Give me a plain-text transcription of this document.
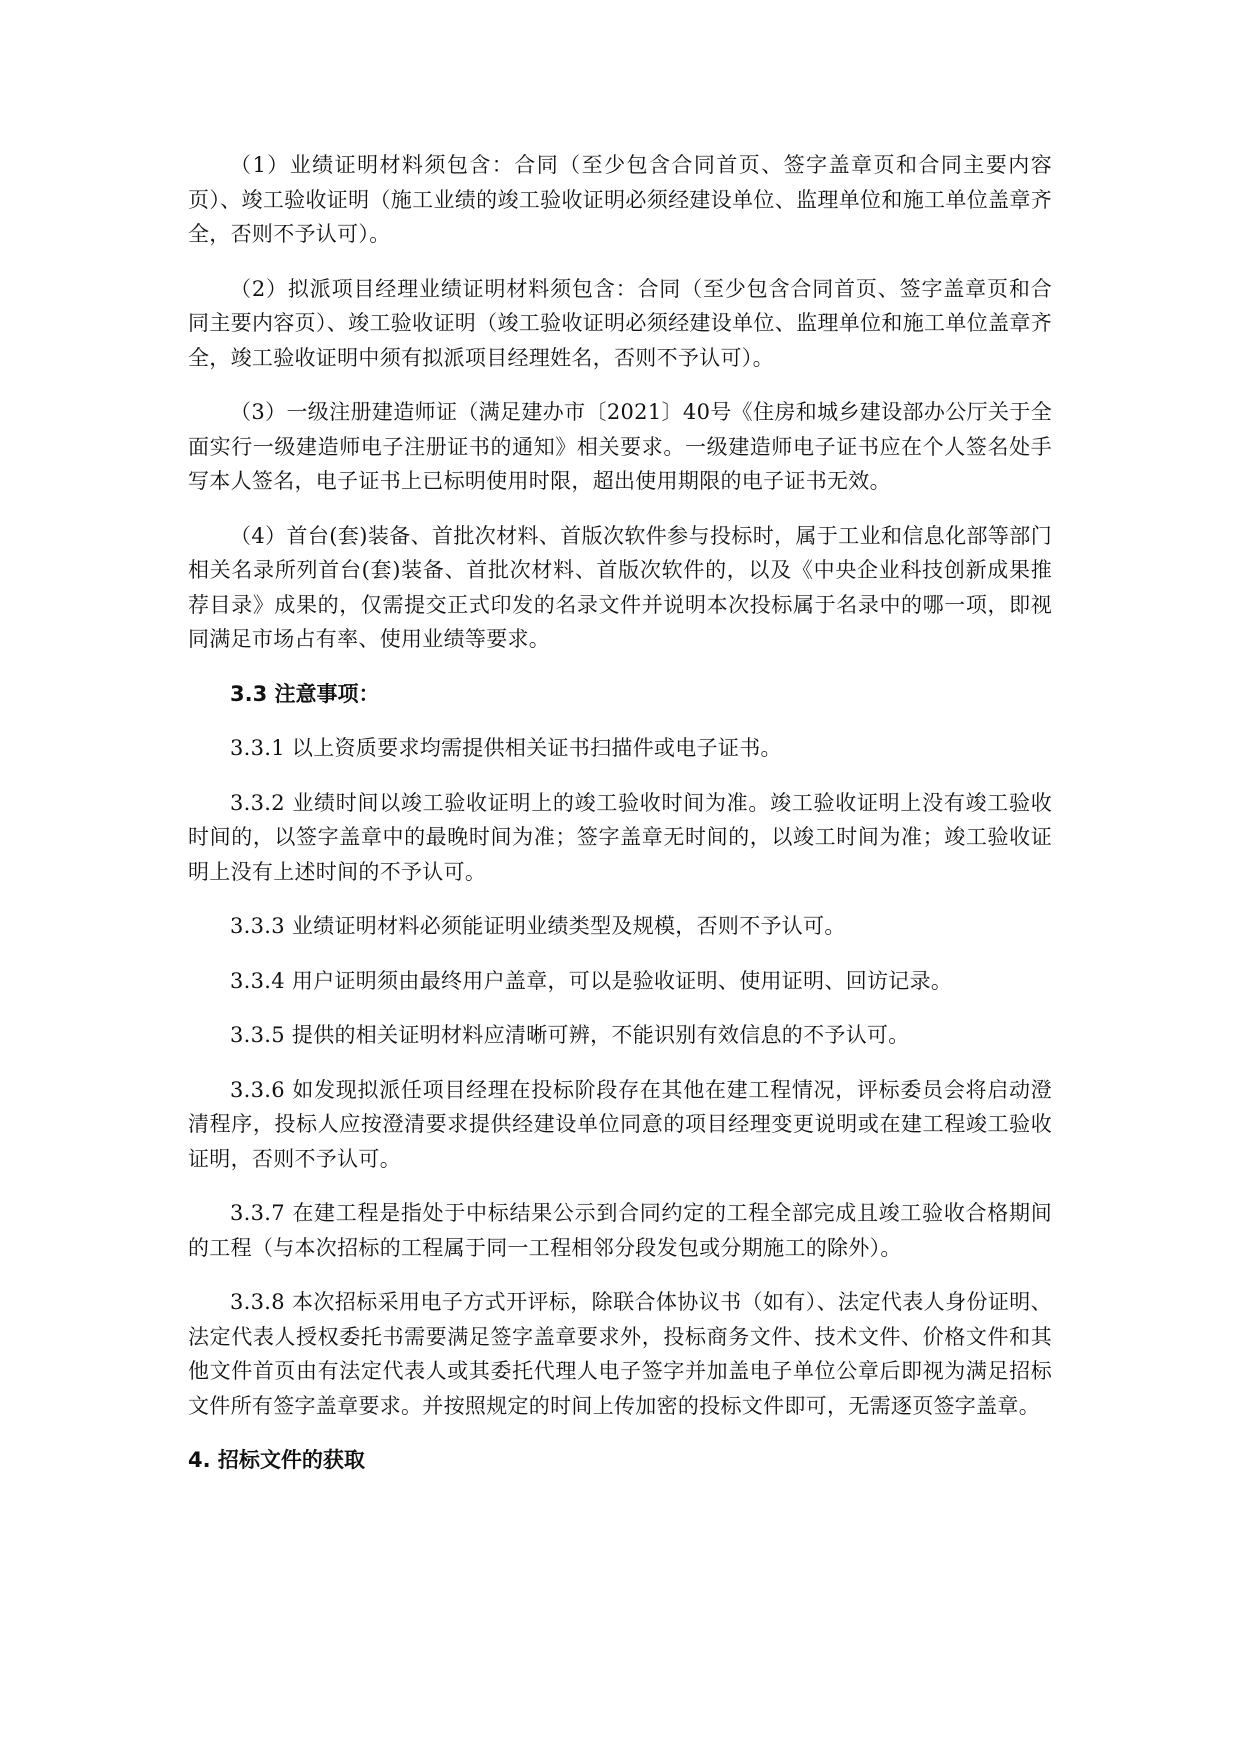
（1）业绩证明材料须包含：合同（至少包含合同首页、签字盖章页和合同主要内容页）、竣工验收证明（施工业绩的竣工验收证明必须经建设单位、监理单位和施工单位盖章齐全，否则不予认可）。

（2）拟派项目经理业绩证明材料须包含：合同（至少包含合同首页、签字盖章页和合同主要内容页）、竣工验收证明（竣工验收证明必须经建设单位、监理单位和施工单位盖章齐全，竣工验收证明中须有拟派项目经理姓名，否则不予认可）。

（3）一级注册建造师证（满足建办市〔2021〕40号《住房和城乡建设部办公厅关于全面实行一级建造师电子注册证书的通知》相关要求。一级建造师电子证书应在个人签名处手写本人签名，电子证书上已标明使用时限，超出使用期限的电子证书无效。

（4）首台(套)装备、首批次材料、首版次软件参与投标时，属于工业和信息化部等部门相关名录所列首台(套)装备、首批次材料、首版次软件的，以及《中央企业科技创新成果推荐目录》成果的，仅需提交正式印发的名录文件并说明本次投标属于名录中的哪一项，即视同满足市场占有率、使用业绩等要求。

3.3 注意事项：

3.3.1 以上资质要求均需提供相关证书扫描件或电子证书。

3.3.2 业绩时间以竣工验收证明上的竣工验收时间为准。竣工验收证明上没有竣工验收时间的，以签字盖章中的最晚时间为准；签字盖章无时间的，以竣工时间为准；竣工验收证明上没有上述时间的不予认可。

3.3.3 业绩证明材料必须能证明业绩类型及规模，否则不予认可。

3.3.4 用户证明须由最终用户盖章，可以是验收证明、使用证明、回访记录。

3.3.5 提供的相关证明材料应清晰可辨，不能识别有效信息的不予认可。

3.3.6 如发现拟派任项目经理在投标阶段存在其他在建工程情况，评标委员会将启动澄清程序，投标人应按澄清要求提供经建设单位同意的项目经理变更说明或在建工程竣工验收证明，否则不予认可。

3.3.7 在建工程是指处于中标结果公示到合同约定的工程全部完成且竣工验收合格期间的工程（与本次招标的工程属于同一工程相邻分段发包或分期施工的除外）。

3.3.8 本次招标采用电子方式开评标，除联合体协议书（如有）、法定代表人身份证明、法定代表人授权委托书需要满足签字盖章要求外，投标商务文件、技术文件、价格文件和其他文件首页由有法定代表人或其委托代理人电子签字并加盖电子单位公章后即视为满足招标文件所有签字盖章要求。并按照规定的时间上传加密的投标文件即可，无需逐页签字盖章。

4. 招标文件的获取
